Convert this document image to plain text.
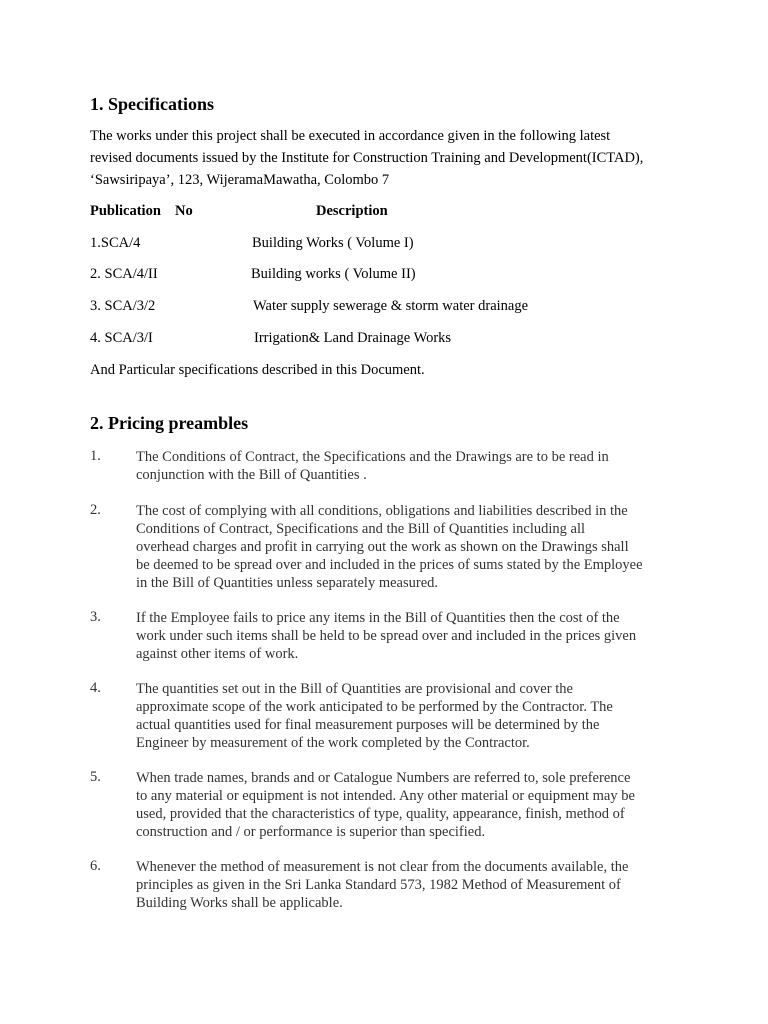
1. Specifications
The works under this project shall be executed in accordance given in the following latest
revised documents issued by the Institute for Construction Training and Development(ICTAD),
‘Sawsiripaya’, 123, WijeramaMawatha, Colombo 7
Publication No	Description
1.SCA/4	Building Works ( Volume I)
2. SCA/4/II	Building works ( Volume II)
3. SCA/3/2	Water supply sewerage & storm water drainage
4. SCA/3/I	Irrigation& Land Drainage Works
And Particular specifications described in this Document.
2. Pricing preambles
1. The Conditions of Contract, the Specifications and the Drawings are to be read in
conjunction with the Bill of Quantities .
2. The cost of complying with all conditions, obligations and liabilities described in the
Conditions of Contract, Specifications and the Bill of Quantities including all
overhead charges and profit in carrying out the work as shown on the Drawings shall
be deemed to be spread over and included in the prices of sums stated by the Employee
in the Bill of Quantities unless separately measured.
3. If the Employee fails to price any items in the Bill of Quantities then the cost of the
work under such items shall be held to be spread over and included in the prices given
against other items of work.
4. The quantities set out in the Bill of Quantities are provisional and cover the
approximate scope of the work anticipated to be performed by the Contractor. The
actual quantities used for final measurement purposes will be determined by the
Engineer by measurement of the work completed by the Contractor.
5. When trade names, brands and or Catalogue Numbers are referred to, sole preference
to any material or equipment is not intended. Any other material or equipment may be
used, provided that the characteristics of type, quality, appearance, finish, method of
construction and / or performance is superior than specified.
6. Whenever the method of measurement is not clear from the documents available, the
principles as given in the Sri Lanka Standard 573, 1982 Method of Measurement of
Building Works shall be applicable.
